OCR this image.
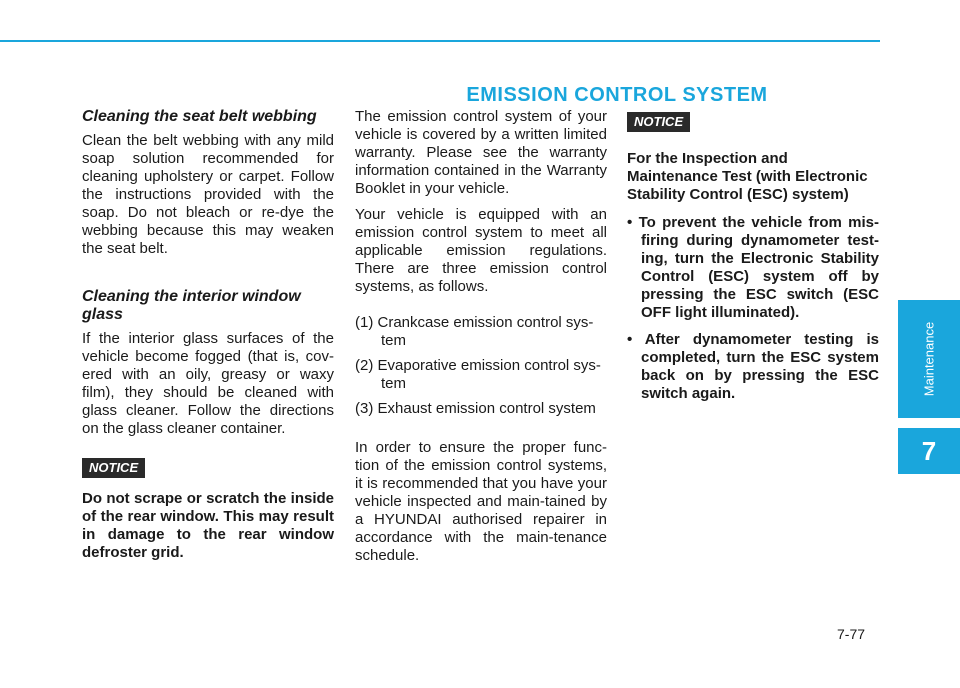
EMISSION CONTROL SYSTEM
Cleaning the seat belt webbing

Clean the belt webbing with any mild soap solution recommended for cleaning upholstery or carpet. Follow the instructions provided with the soap. Do not bleach or re-dye the webbing because this may weaken the seat belt.

Cleaning the interior window glass

If the interior glass surfaces of the vehicle become fogged (that is, cov-ered with an oily, greasy or waxy film), they should be cleaned with glass cleaner. Follow the directions on the glass cleaner container.

NOTICE

Do not scrape or scratch the inside of the rear window. This may result in damage to the rear window defroster grid.

The emission control system of your vehicle is covered by a written limited warranty. Please see the warranty information contained in the Warranty Booklet in your vehicle.

Your vehicle is equipped with an emission control system to meet all applicable emission regulations. There are three emission control systems, as follows.

(1) Crankcase emission control sys-tem

(2) Evaporative emission control sys-tem

(3) Exhaust emission control system

In order to ensure the proper func-tion of the emission control systems, it is recommended that you have your vehicle inspected and main-tained by a HYUNDAI authorised repairer in accordance with the main-tenance schedule.

NOTICE

For the Inspection and Maintenance Test (with Electronic Stability Control (ESC) system)

• To prevent the vehicle from mis-firing during dynamometer test-ing, turn the Electronic Stability Control (ESC) system off by pressing the ESC switch (ESC OFF light illuminated).
• After dynamometer testing is completed, turn the ESC system back on by pressing the ESC switch again.	Maintenance
7
7-77
